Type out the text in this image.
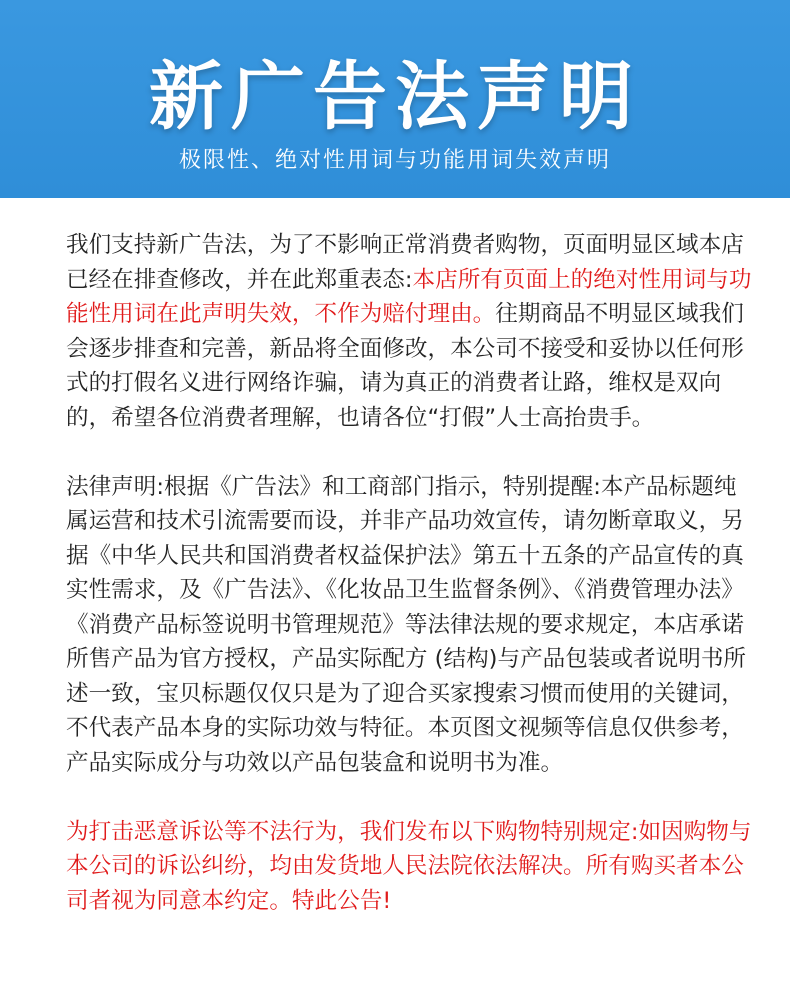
新广告法声明
极限性、绝对性用词与功能用词失效声明

我们支持新广告法，为了不影响正常消费者购物，页面明显区域本店已经在排查修改，并在此郑重表态:本店所有页面上的绝对性用词与功能性用词在此声明失效，不作为赔付理由。往期商品不明显区域我们会逐步排查和完善，新品将全面修改，本公司不接受和妥协以任何形式的打假名义进行网络诈骗，请为真正的消费者让路，维权是双向的，希望各位消费者理解，也请各位“打假”人士高抬贵手。

法律声明:根据《广告法》和工商部门指示，特别提醒:本产品标题纯属运营和技术引流需要而设，并非产品功效宣传，请勿断章取义，另据《中华人民共和国消费者权益保护法》第五十五条的产品宣传的真实性需求，及《广告法》、《化妆品卫生监督条例》、《消费管理办法》《消费产品标签说明书管理规范》等法律法规的要求规定，本店承诺所售产品为官方授权，产品实际配方 (结构)与产品包装或者说明书所述一致，宝贝标题仅仅只是为了迎合买家搜索习惯而使用的关键词，不代表产品本身的实际功效与特征。本页图文视频等信息仅供参考，产品实际成分与功效以产品包装盒和说明书为准。

为打击恶意诉讼等不法行为，我们发布以下购物特别规定:如因购物与本公司的诉讼纠纷，均由发货地人民法院依法解决。所有购买者本公司者视为同意本约定。特此公告!
